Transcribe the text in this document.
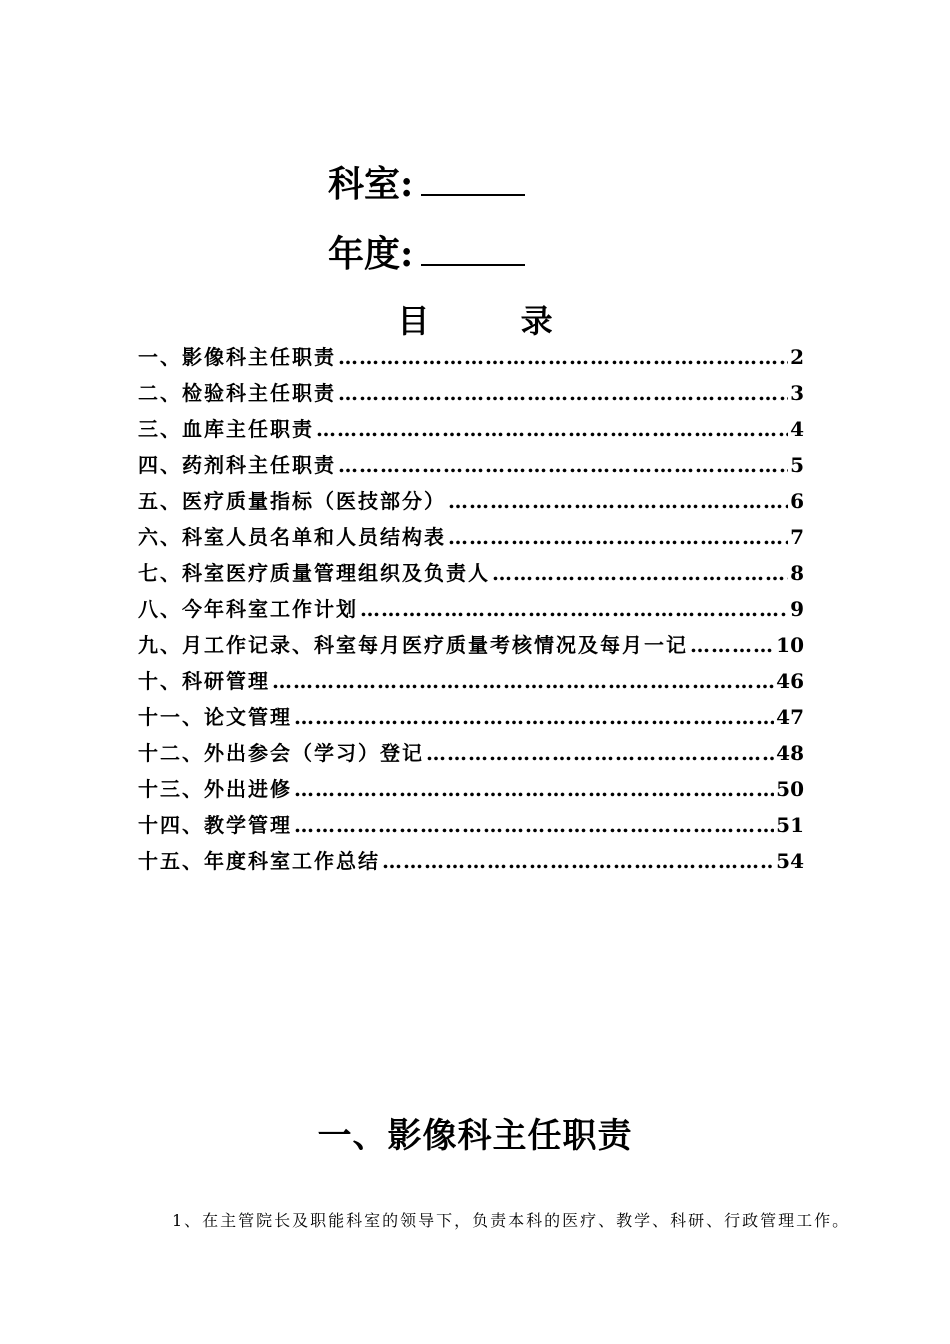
科室:
年度:
目 录
一、影像科主任职责 ………………………………………………………………………………………………………………………………………………	2
二、检验科主任职责 ………………………………………………………………………………………………………………………………………………	3
三、血库主任职责 ………………………………………………………………………………………………………………………………………………	4
四、药剂科主任职责 ………………………………………………………………………………………………………………………………………………	5
五、医疗质量指标（医技部分） ………………………………………………………………………………………………………………………………………………	6
六、科室人员名单和人员结构表 ………………………………………………………………………………………………………………………………………………	7
七、科室医疗质量管理组织及负责人 ………………………………………………………………………………………………………………………………………………	8
八、今年科室工作计划 ………………………………………………………………………………………………………………………………………………	9
九、月工作记录、科室每月医疗质量考核情况及每月一记 ………………………………………………………………………………………………………………………………………………	10
十、科研管理 ………………………………………………………………………………………………………………………………………………	46
十一、论文管理 ………………………………………………………………………………………………………………………………………………	47
十二、外出参会（学习）登记 ………………………………………………………………………………………………………………………………………………	48
十三、外出进修 ………………………………………………………………………………………………………………………………………………	50
十四、教学管理 ………………………………………………………………………………………………………………………………………………	51
十五、年度科室工作总结 ………………………………………………………………………………………………………………………………………………	54
一、影像科主任职责
1、在主管院长及职能科室的领导下，负责本科的医疗、教学、科研、行政管理工作。
